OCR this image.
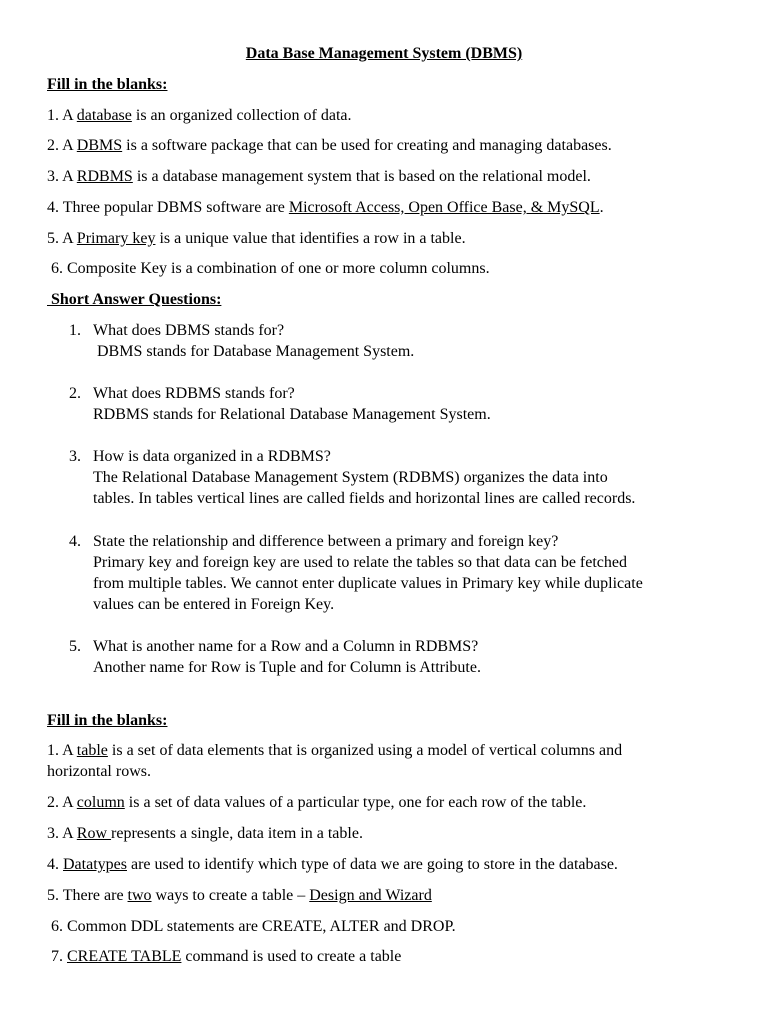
Data Base Management System (DBMS)
Fill in the blanks:
1. A database is an organized collection of data.
2. A DBMS is a software package that can be used for creating and managing databases.
3. A RDBMS is a database management system that is based on the relational model.
4. Three popular DBMS software are Microsoft Access, Open Office Base, & MySQL.
5. A Primary key is a unique value that identifies a row in a table.
6. Composite Key is a combination of one or more column columns.
Short Answer Questions:
1. What does DBMS stands for?
DBMS stands for Database Management System.
2. What does RDBMS stands for?
RDBMS stands for Relational Database Management System.
3. How is data organized in a RDBMS?
The Relational Database Management System (RDBMS) organizes the data into
tables. In tables vertical lines are called fields and horizontal lines are called records.
4. State the relationship and difference between a primary and foreign key?
Primary key and foreign key are used to relate the tables so that data can be fetched
from multiple tables. We cannot enter duplicate values in Primary key while duplicate
values can be entered in Foreign Key.
5. What is another name for a Row and a Column in RDBMS?
Another name for Row is Tuple and for Column is Attribute.
Fill in the blanks:
1. A table is a set of data elements that is organized using a model of vertical columns and
horizontal rows.
2. A column is a set of data values of a particular type, one for each row of the table.
3. A Row represents a single, data item in a table.
4. Datatypes are used to identify which type of data we are going to store in the database.
5. There are two ways to create a table – Design and Wizard
6. Common DDL statements are CREATE, ALTER and DROP.
7. CREATE TABLE command is used to create a table
